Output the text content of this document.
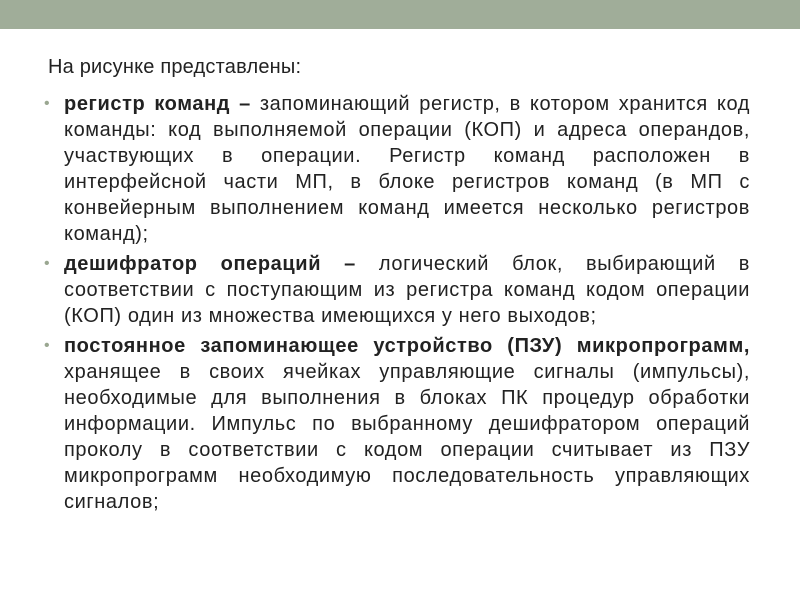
На рисунке представлены:

• регистр команд – запоминающий регистр, в котором хранится код команды: код выполняемой операции (КОП) и адреса операндов, участвующих в операции. Регистр команд расположен в интерфейсной части МП, в блоке регистров команд (в МП с конвейерным выполнением команд имеется несколько регистров команд);

• дешифратор операций – логический блок, выбирающий в соответствии с поступающим из регистра команд кодом операции (КОП) один из множества имеющихся у него выходов;

• постоянное запоминающее устройство (ПЗУ) микропрограмм, хранящее в своих ячейках управляющие сигналы (импульсы), необходимые для выполнения в блоках ПК процедур обработки информации. Импульс по выбранному дешифратором операций проколу в соответствии с кодом операции считывает из ПЗУ микропрограмм необходимую последовательность управляющих сигналов;
